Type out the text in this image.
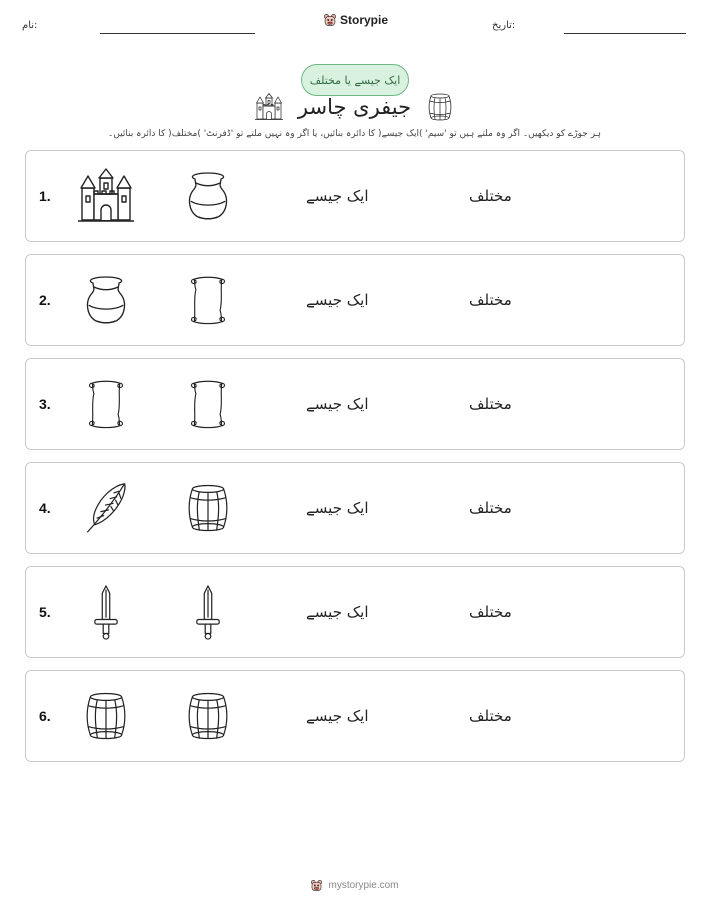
نام:	Storypie	تاریخ:
ایک جیسے یا مختلف
جیفری چاسر
ہر جوڑے کو دیکھیں۔ اگر وہ ملتے ہیں تو 'سیم' )ایک جیسے( کا دائرہ بنائیں، یا اگر وہ نہیں ملتے تو 'ڈفرنٹ' )مختلف( کا دائرہ بنائیں۔
1.	ایک جیسے	مختلف
2.	ایک جیسے	مختلف
3.	ایک جیسے	مختلف
4.	ایک جیسے	مختلف
5.	ایک جیسے	مختلف
6.	ایک جیسے	مختلف
mystorypie.com
